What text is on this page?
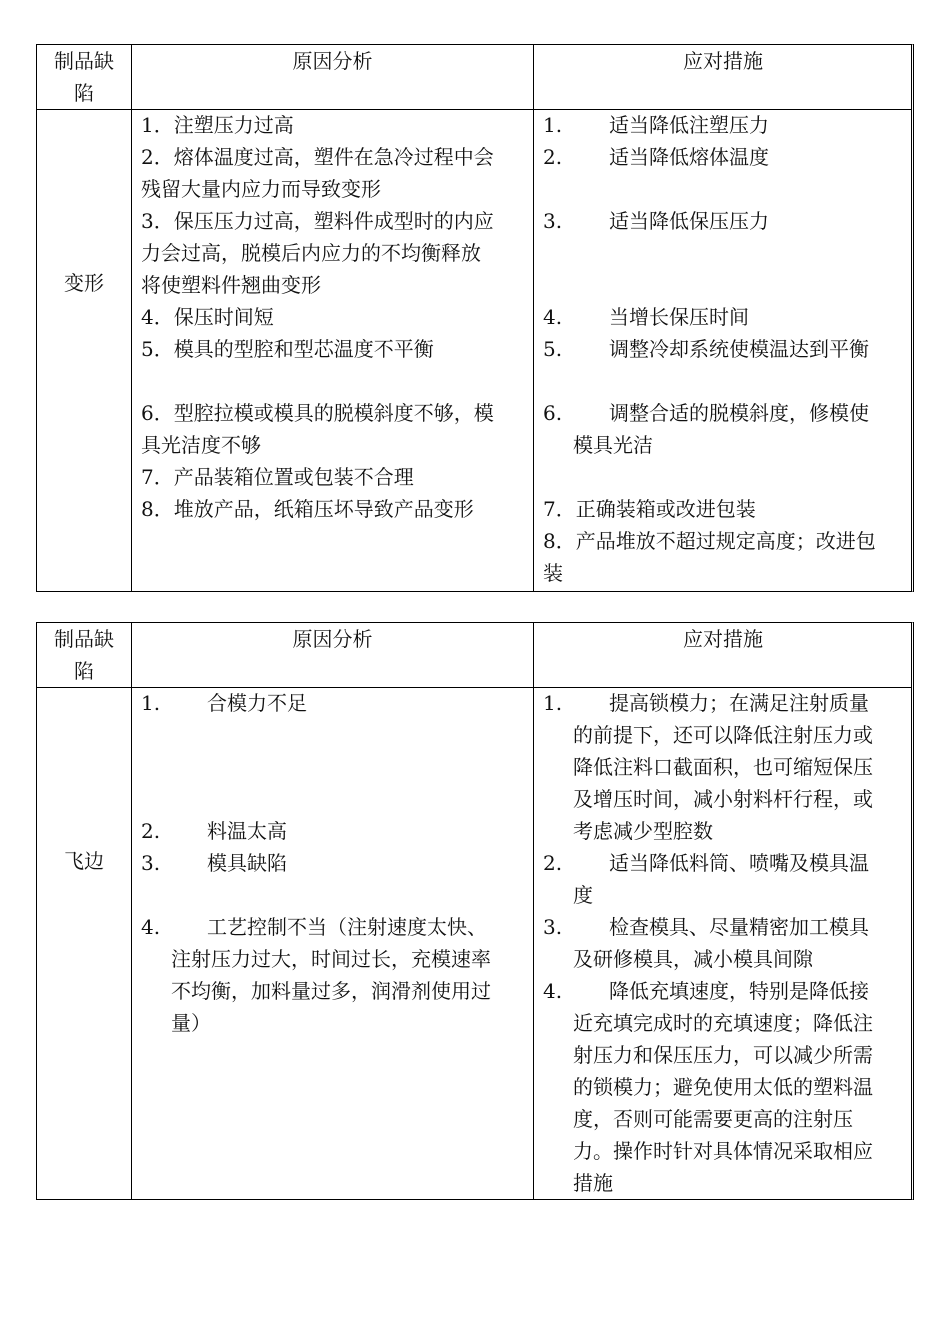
制品缺
陷
原因分析	应对措施
变形
1．注塑压力过高
2．熔体温度过高，塑件在急冷过程中会
残留大量内应力而导致变形
3．保压压力过高，塑料件成型时的内应
力会过高，脱模后内应力的不均衡释放
将使塑料件翘曲变形
4．保压时间短
5．模具的型腔和型芯温度不平衡
6．型腔拉模或模具的脱模斜度不够，模
具光洁度不够
7．产品装箱位置或包装不合理
8．堆放产品，纸箱压坏导致产品变形
1. 适当降低注塑压力
2. 适当降低熔体温度
3. 适当降低保压压力
4. 当增长保压时间
5. 调整冷却系统使模温达到平衡
6. 调整合适的脱模斜度，修模使
模具光洁
7．正确装箱或改进包装
8．产品堆放不超过规定高度；改进包
装
制品缺
陷
原因分析	应对措施
飞边
1. 合模力不足
2. 料温太高
3. 模具缺陷
4. 工艺控制不当（注射速度太快、
注射压力过大，时间过长，充模速率
不均衡，加料量过多，润滑剂使用过
量）
1. 提高锁模力；在满足注射质量
的前提下，还可以降低注射压力或
降低注料口截面积，也可缩短保压
及增压时间，减小射料杆行程，或
考虑减少型腔数
2. 适当降低料筒、喷嘴及模具温
度
3. 检查模具、尽量精密加工模具
及研修模具，减小模具间隙
4. 降低充填速度，特别是降低接
近充填完成时的充填速度；降低注
射压力和保压压力，可以减少所需
的锁模力；避免使用太低的塑料温
度，否则可能需要更高的注射压
力。操作时针对具体情况采取相应
措施
